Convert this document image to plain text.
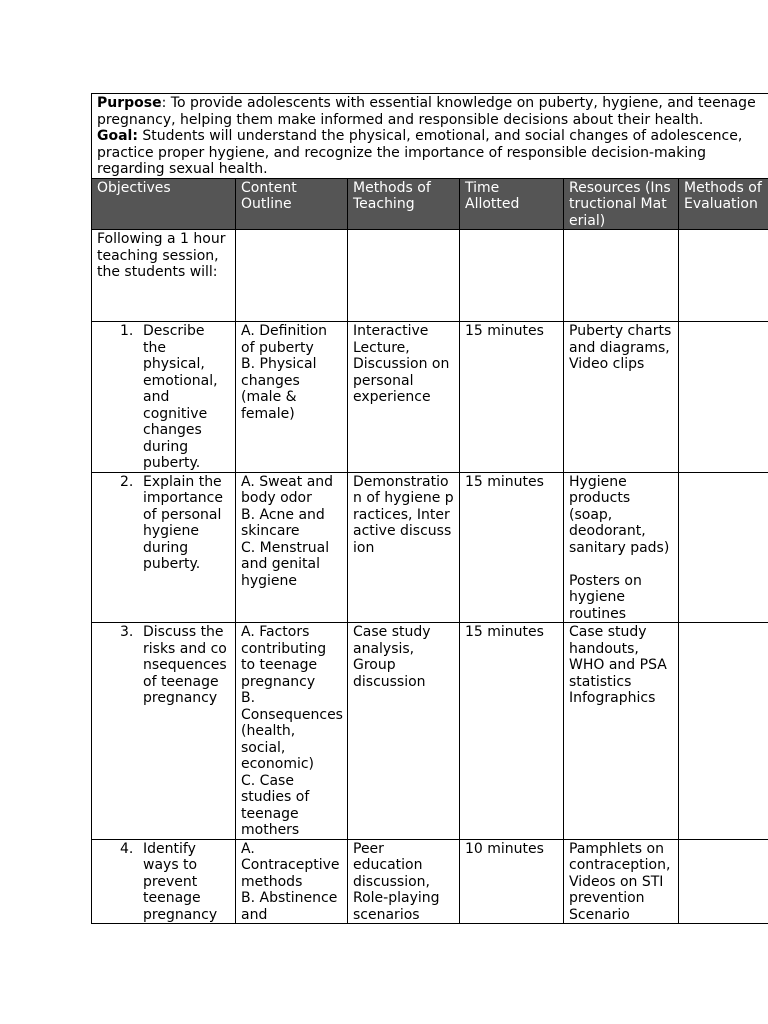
Purpose: To provide adolescents with essential knowledge on puberty, hygiene, and teenage pregnancy, helping them make informed and responsible decisions about their health.
Goal: Students will understand the physical, emotional, and social changes of adolescence, practice proper hygiene, and recognize the importance of responsible decision-making regarding sexual health.					

Objectives	Content Outline	Methods of Teaching	Time Allotted	Resources (Instructional Material)	Methods of Evaluation
Following a 1 hour teaching session, the students will:					

1. Describe the physical, emotional, and cognitive changes during puberty.	A. Definition of puberty
B. Physical changes (male & female)	Interactive Lecture, Discussion on personal experience	15 minutes	Puberty charts and diagrams, Video clips	

2. Explain the importance of personal hygiene during puberty.	A. Sweat and body odor
B. Acne and skincare
C. Menstrual and genital hygiene	Demonstration of hygiene practices, Interactive discussion	15 minutes	Hygiene products (soap, deodorant, sanitary pads)

Posters on hygiene routines	

3. Discuss the risks and consequences of teenage pregnancy	A. Factors contributing to teenage pregnancy
B. Consequences (health, social, economic)
C. Case studies of teenage mothers	Case study analysis, Group discussion	15 minutes	Case study handouts, WHO and PSA statistics Infographics	

4. Identify ways to prevent teenage pregnancy	A. Contraceptive methods
B. Abstinence and	Peer education discussion, Role-playing scenarios	10 minutes	Pamphlets on contraception, Videos on STI prevention Scenario	
